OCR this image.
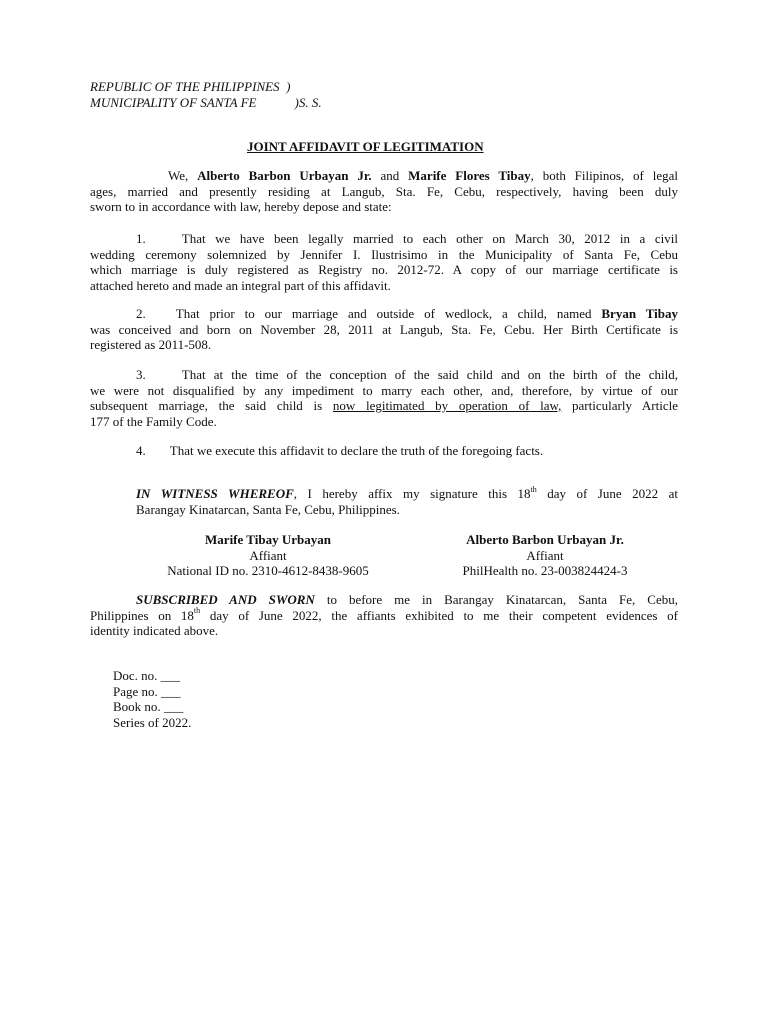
REPUBLIC OF THE PHILIPPINES )
MUNICIPALITY OF SANTA FE	)S. S.
JOINT AFFIDAVIT OF LEGITIMATION
We, Alberto Barbon Urbayan Jr. and Marife Flores Tibay, both Filipinos, of legal
ages, married and presently residing at Langub, Sta. Fe, Cebu, respectively, having been duly
sworn to in accordance with law, hereby depose and state:
1.	That we have been legally married to each other on March 30, 2012 in a civil
wedding ceremony solemnized by Jennifer I. Ilustrisimo in the Municipality of Santa Fe, Cebu
which marriage is duly registered as Registry no. 2012-72. A copy of our marriage certificate is
attached hereto and made an integral part of this affidavit.
2. That prior to our marriage and outside of wedlock, a child, named Bryan Tibay
was conceived and born on November 28, 2011 at Langub, Sta. Fe, Cebu. Her Birth Certificate is
registered as 2011-508.
3.	That at the time of the conception of the said child and on the birth of the child,
we were not disqualified by any impediment to marry each other, and, therefore, by virtue of our
subsequent marriage, the said child is now legitimated by operation of law, particularly Article
177 of the Family Code.
4. That we execute this affidavit to declare the truth of the foregoing facts.
IN WITNESS WHEREOF, I hereby affix my signature this 18th day of June 2022 at
Barangay Kinatarcan, Santa Fe, Cebu, Philippines.
Marife Tibay Urbayan
Affiant
National ID no. 2310-4612-8438-9605
Alberto Barbon Urbayan Jr.
Affiant
PhilHealth no. 23-003824424-3
SUBSCRIBED AND SWORN to before me in Barangay Kinatarcan, Santa Fe, Cebu,
Philippines on 18th day of June 2022, the affiants exhibited to me their competent evidences of
identity indicated above.
Doc. no. ___
Page no. ___
Book no. ___
Series of 2022.
